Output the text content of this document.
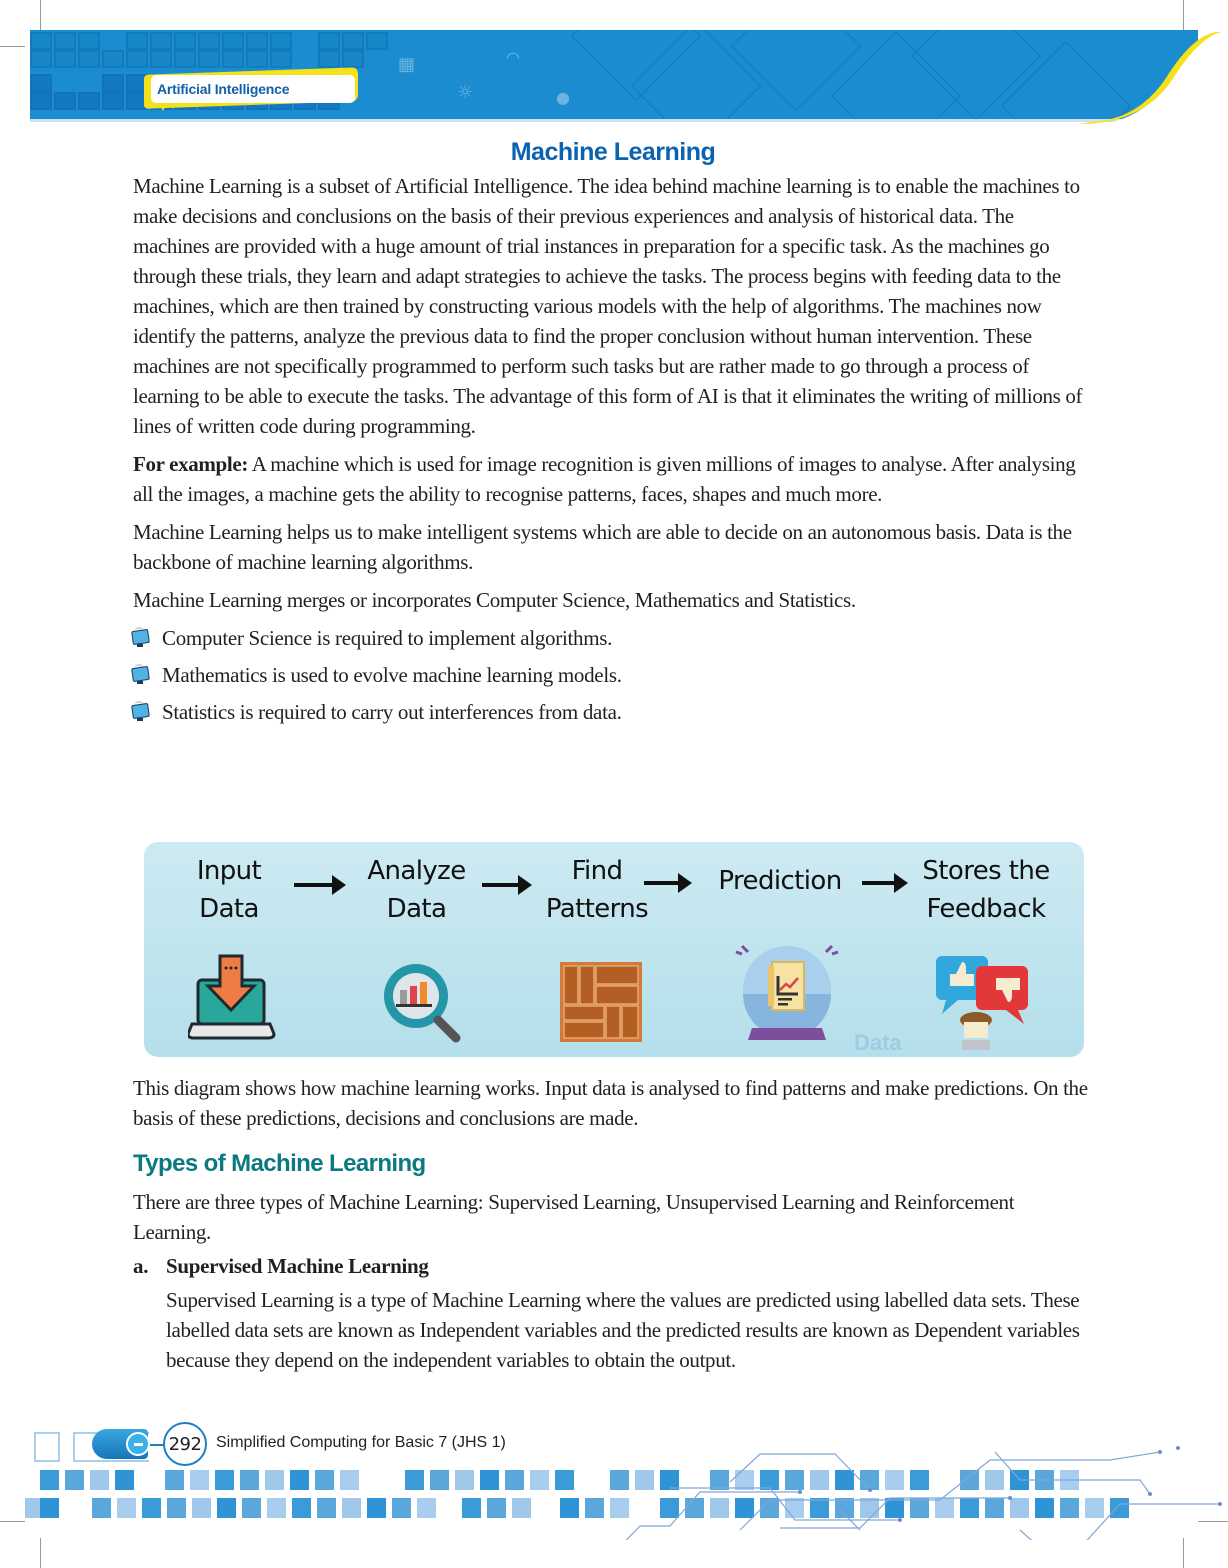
▦	◠
☼	●
Artificial Intelligence
Machine Learning

Machine Learning is a subset of Artificial Intelligence. The idea behind machine learning is to enable the machines to make decisions and conclusions on the basis of their previous experiences and analysis of historical data. The machines are provided with a huge amount of trial instances in preparation for a specific task. As the machines go through these trials, they learn and adapt strategies to achieve the tasks. The process begins with feeding data to the machines, which are then trained by constructing various models with the help of algorithms. The machines now identify the patterns, analyze the previous data to find the proper conclusion without human intervention. These machines are not specifically programmed to perform such tasks but are rather made to go through a process of learning to be able to execute the tasks. The advantage of this form of AI is that it eliminates the writing of millions of lines of written code during programming.

For example: A machine which is used for image recognition is given millions of images to analyse. After analysing all the images, a machine gets the ability to recognise patterns, faces, shapes and much more.

Machine Learning helps us to make intelligent systems which are able to decide on an autonomous basis. Data is the backbone of machine learning algorithms.

Machine Learning merges or incorporates Computer Science, Mathematics and Statistics.

Computer Science is required to implement algorithms.
Mathematics is used to evolve machine learning models.
Statistics is required to carry out interferences from data.
Input
Data
Analyze
Data
Find
Patterns
Prediction	Stores the
Feedback
Data

This diagram shows how machine learning works. Input data is analysed to find patterns and make predictions. On the basis of these predictions, decisions and conclusions are made.

Types of Machine Learning

There are three types of Machine Learning: Supervised Learning, Unsupervised Learning and Reinforcement Learning.

a. Supervised Machine Learning

Supervised Learning is a type of Machine Learning where the values are predicted using labelled data sets. These labelled data sets are known as Independent variables and the predicted results are known as Dependent variables because they depend on the independent variables to obtain the output.

292 Simplified Computing for Basic 7 (JHS 1)
